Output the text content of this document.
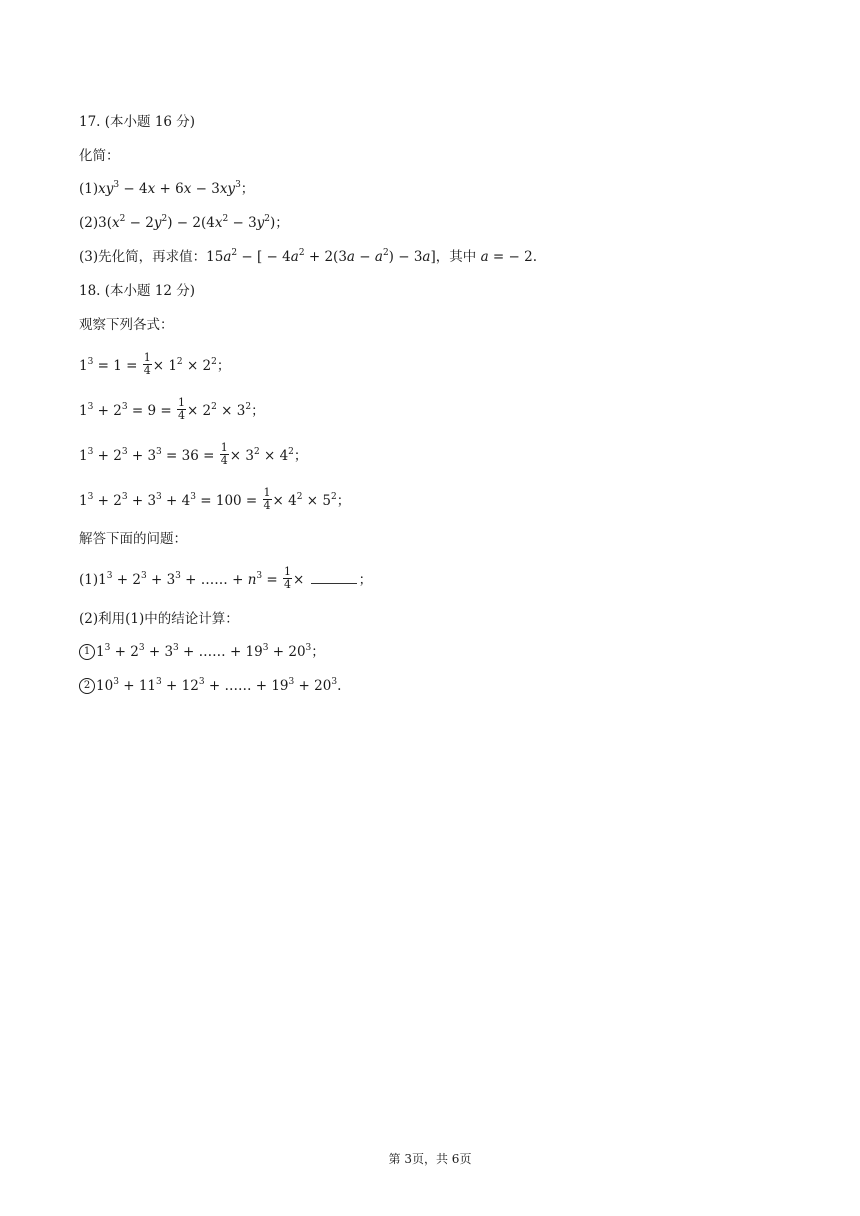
17. (本小题 16 分)
化简：
$(1)xy^3 - 4x + 6x - 3xy^3$；
$(2)3(x^2 - 2y^2) - 2(4x^2 - 3y^2)$；
(3)先化简，再求值：$15a^2$ − [ − $4a^2 + 2(3a - a^2) - 3a$]，其中 a = − 2.
18. (本小题 12 分)
观察下列各式：
$1^3 = 1 = \frac{1}{4} \times 1^2 \times 2^2$；
$1^3 + 2^3 = 9 = \frac{1}{4} \times 2^2 \times 3^2$；
$1^3 + 2^3 + 3^3 = 36 = \frac{1}{4} \times 3^2 \times 4^2$；
$1^3 + 2^3 + 3^3 + 4^3 = 100 = \frac{1}{4} \times 4^2 \times 5^2$；
解答下面的问题：
$(1)1^3 + 2^3 + 3^3$ + …… + $n^3 = \frac{1}{4}$ ×	；
(2)利用(1)中的结论计算：
1 $1^3 + 2^3 + 3^3$ + …… + $19^3 + 20^3$；
2 $10^3 + 11^3 + 12^3$ + …… + $19^3 + 20^3$.
第 3页，共 6页
